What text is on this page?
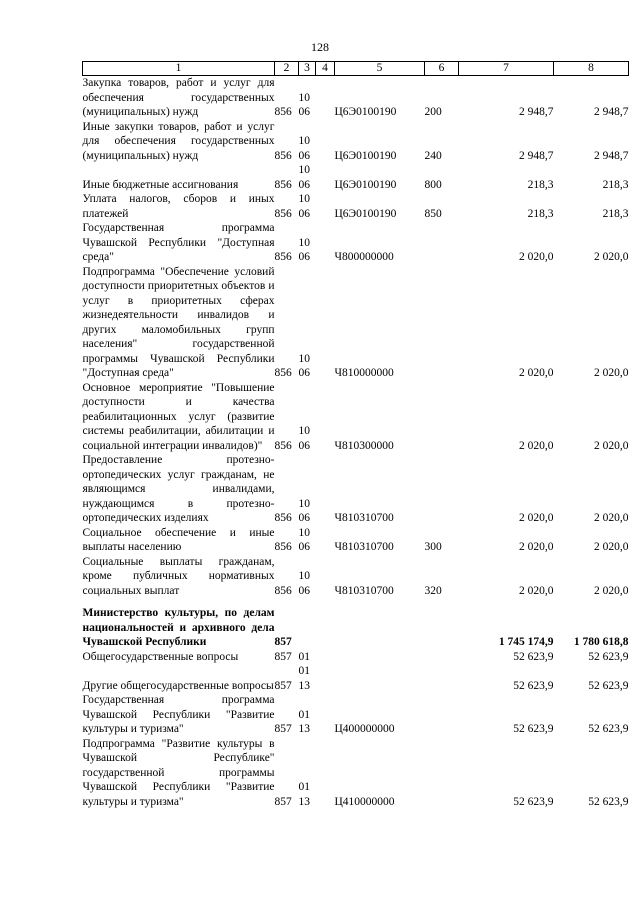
128
1	2	3	4	5	6	7	8
Закупка товаров, работ и услуг для обеспечения государственных (муниципальных) нужд	856	10 06		Ц6Э0100190	200	2 948,7	2 948,7
Иные закупки товаров, работ и услуг для обеспечения государственных (муниципальных) нужд	856	10 06		Ц6Э0100190	240	2 948,7	2 948,7
Иные бюджетные ассигнования	856	10 06		Ц6Э0100190	800	218,3	218,3
Уплата налогов, сборов и иных платежей	856	10 06		Ц6Э0100190	850	218,3	218,3
Государственная программа Чувашской Республики "Доступная среда"	856	10 06		Ч800000000		2 020,0	2 020,0
Подпрограмма "Обеспечение условий доступности приоритетных объектов и услуг в приоритетных сферах жизнедеятельности инвалидов и других маломобильных групп населения" государственной программы Чувашской Республики "Доступная среда"	856	10 06		Ч810000000		2 020,0	2 020,0
Основное мероприятие "Повышение доступности и качества реабилитационных услуг (развитие системы реабилитации, абилитации и социальной интеграции инвалидов)"	856	10 06		Ч810300000		2 020,0	2 020,0
Предоставление протезно-ортопедических услуг гражданам, не являющимся инвалидами, нуждающимся в протезно-ортопедических изделиях	856	10 06		Ч810310700		2 020,0	2 020,0
Социальное обеспечение и иные выплаты населению	856	10 06		Ч810310700	300	2 020,0	2 020,0
Социальные выплаты гражданам, кроме публичных нормативных социальных выплат	856	10 06		Ч810310700	320	2 020,0	2 020,0

Министерство культуры, по делам национальностей и архивного дела Чувашской Республики	857					1 745 174,9	1 780 618,8
Общегосударственные вопросы	857	01				52 623,9	52 623,9
Другие общегосударственные вопросы	857	01 13				52 623,9	52 623,9
Государственная программа Чувашской Республики "Развитие культуры и туризма"	857	01 13		Ц400000000		52 623,9	52 623,9
Подпрограмма "Развитие культуры в Чувашской Республике" государственной программы Чувашской Республики "Развитие культуры и туризма"	857	01 13		Ц410000000		52 623,9	52 623,9
